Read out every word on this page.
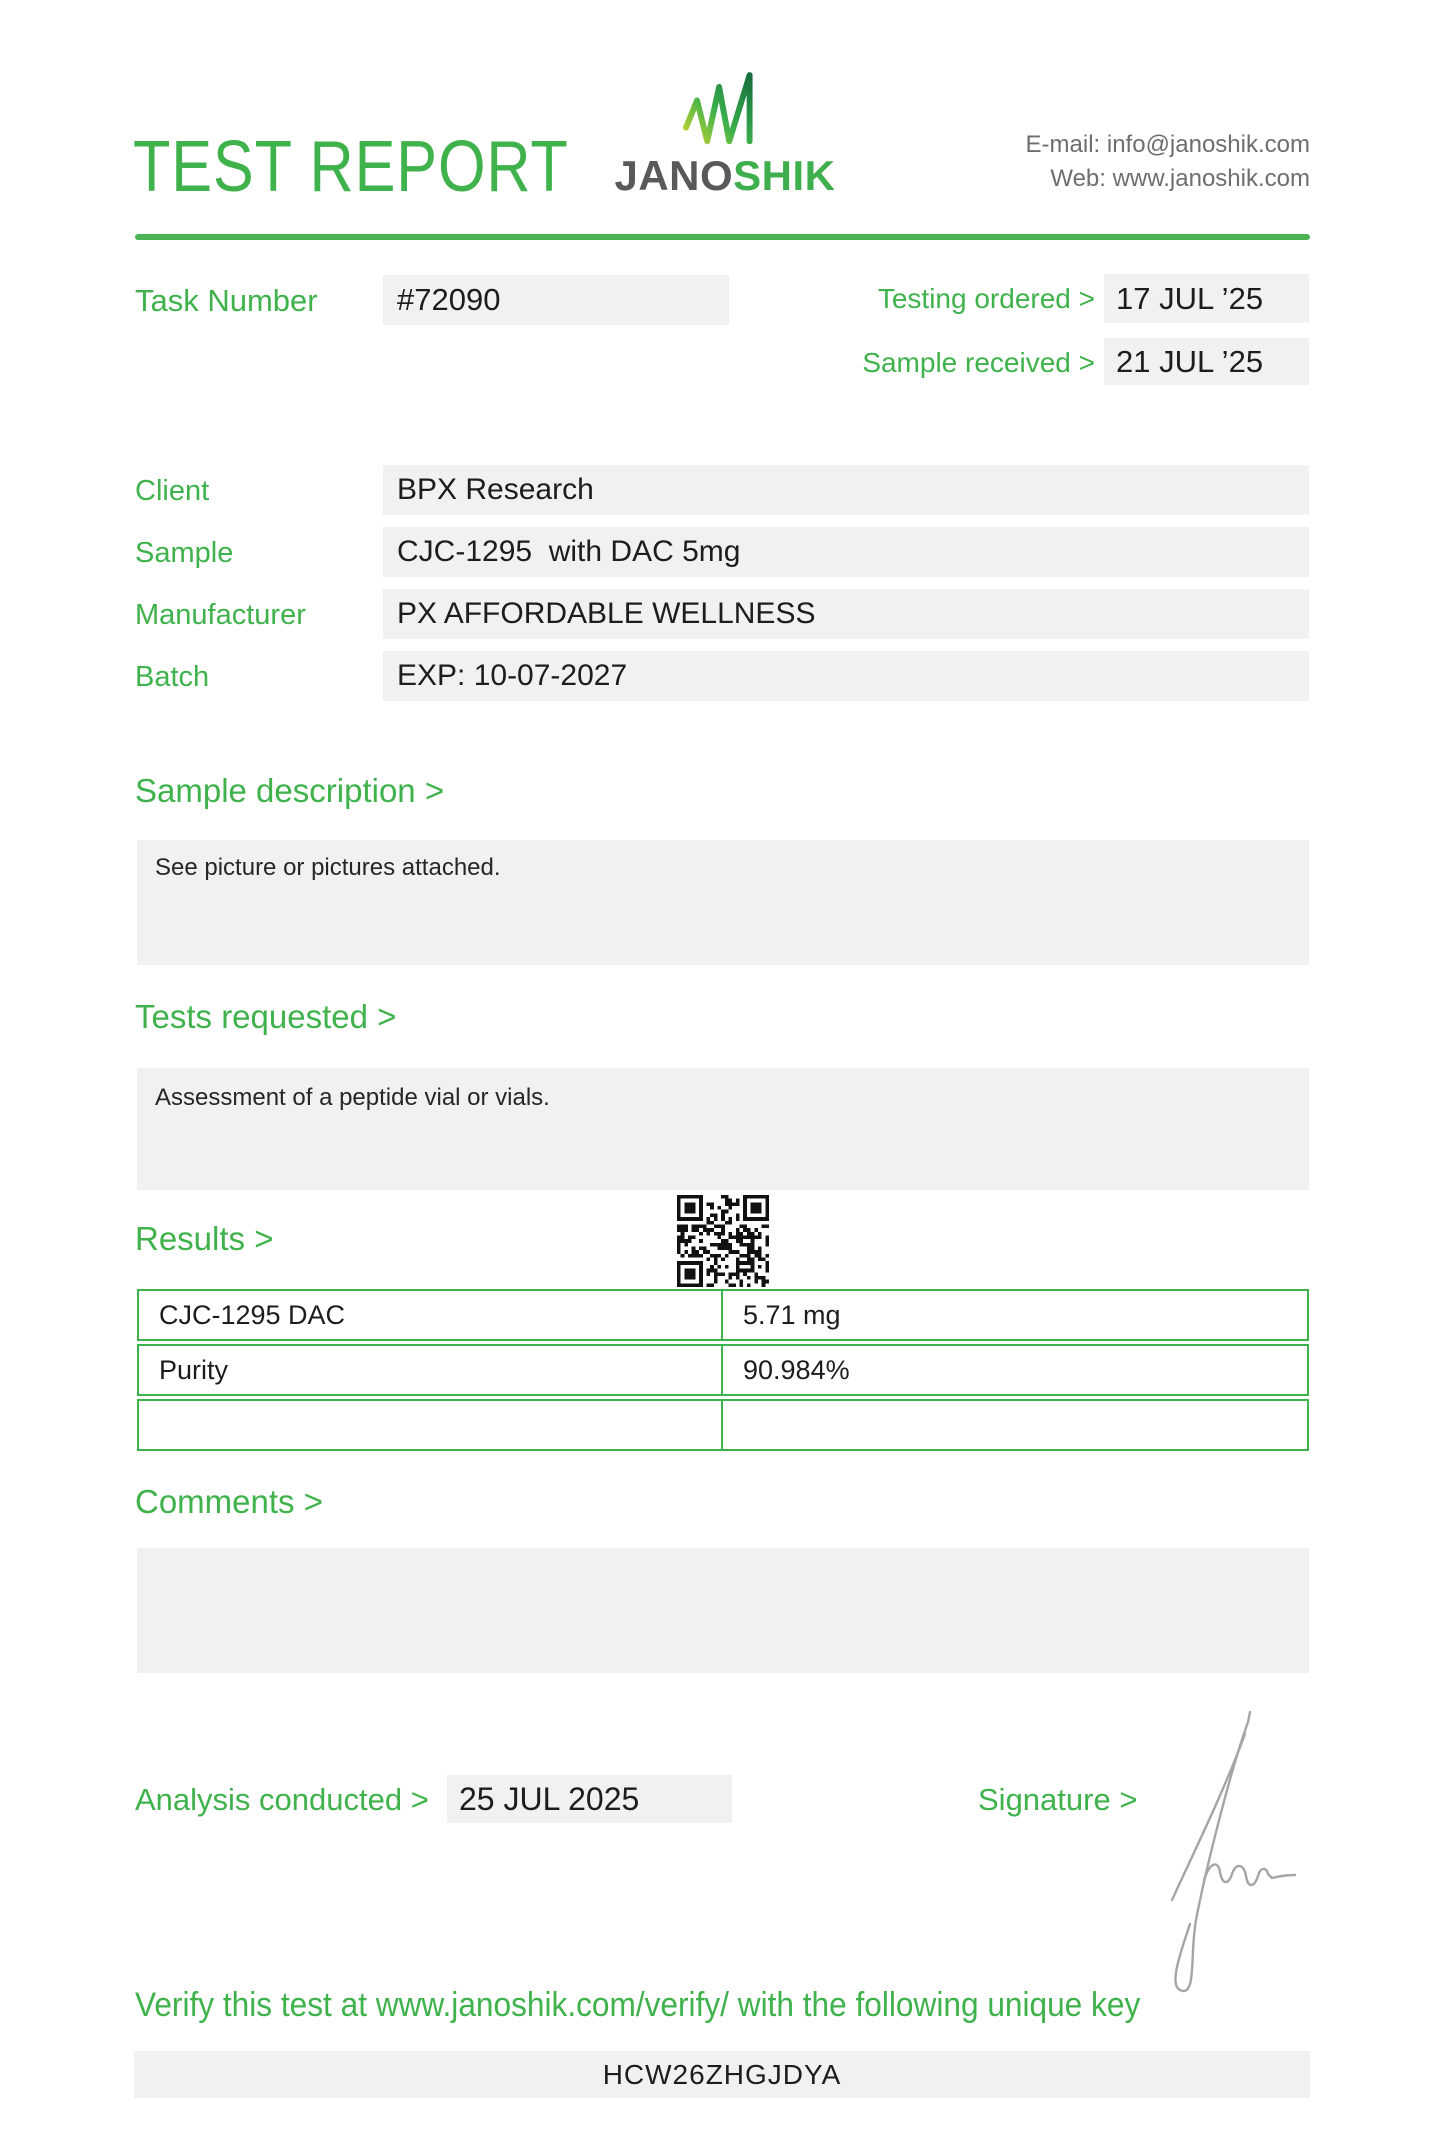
TEST REPORT	JANOSHIK
E-mail: info@janoshik.com
Web: www.janoshik.com
Task Number	#72090	Testing ordered > 17 JUL ’25
Sample received > 21 JUL ’25
Client	BPX Research
Sample	CJC-1295  with DAC 5mg
Manufacturer	PX AFFORDABLE WELLNESS
Batch	EXP: 10-07-2027
Sample description >
See picture or pictures attached.
Tests requested >
Assessment of a peptide vial or vials.
Results >
CJC-1295 DAC	5.71 mg
Purity	90.984%
Comments >
Analysis conducted > 25 JUL 2025	Signature >
Verify this test at www.janoshik.com/verify/ with the following unique key
HCW26ZHGJDYA
